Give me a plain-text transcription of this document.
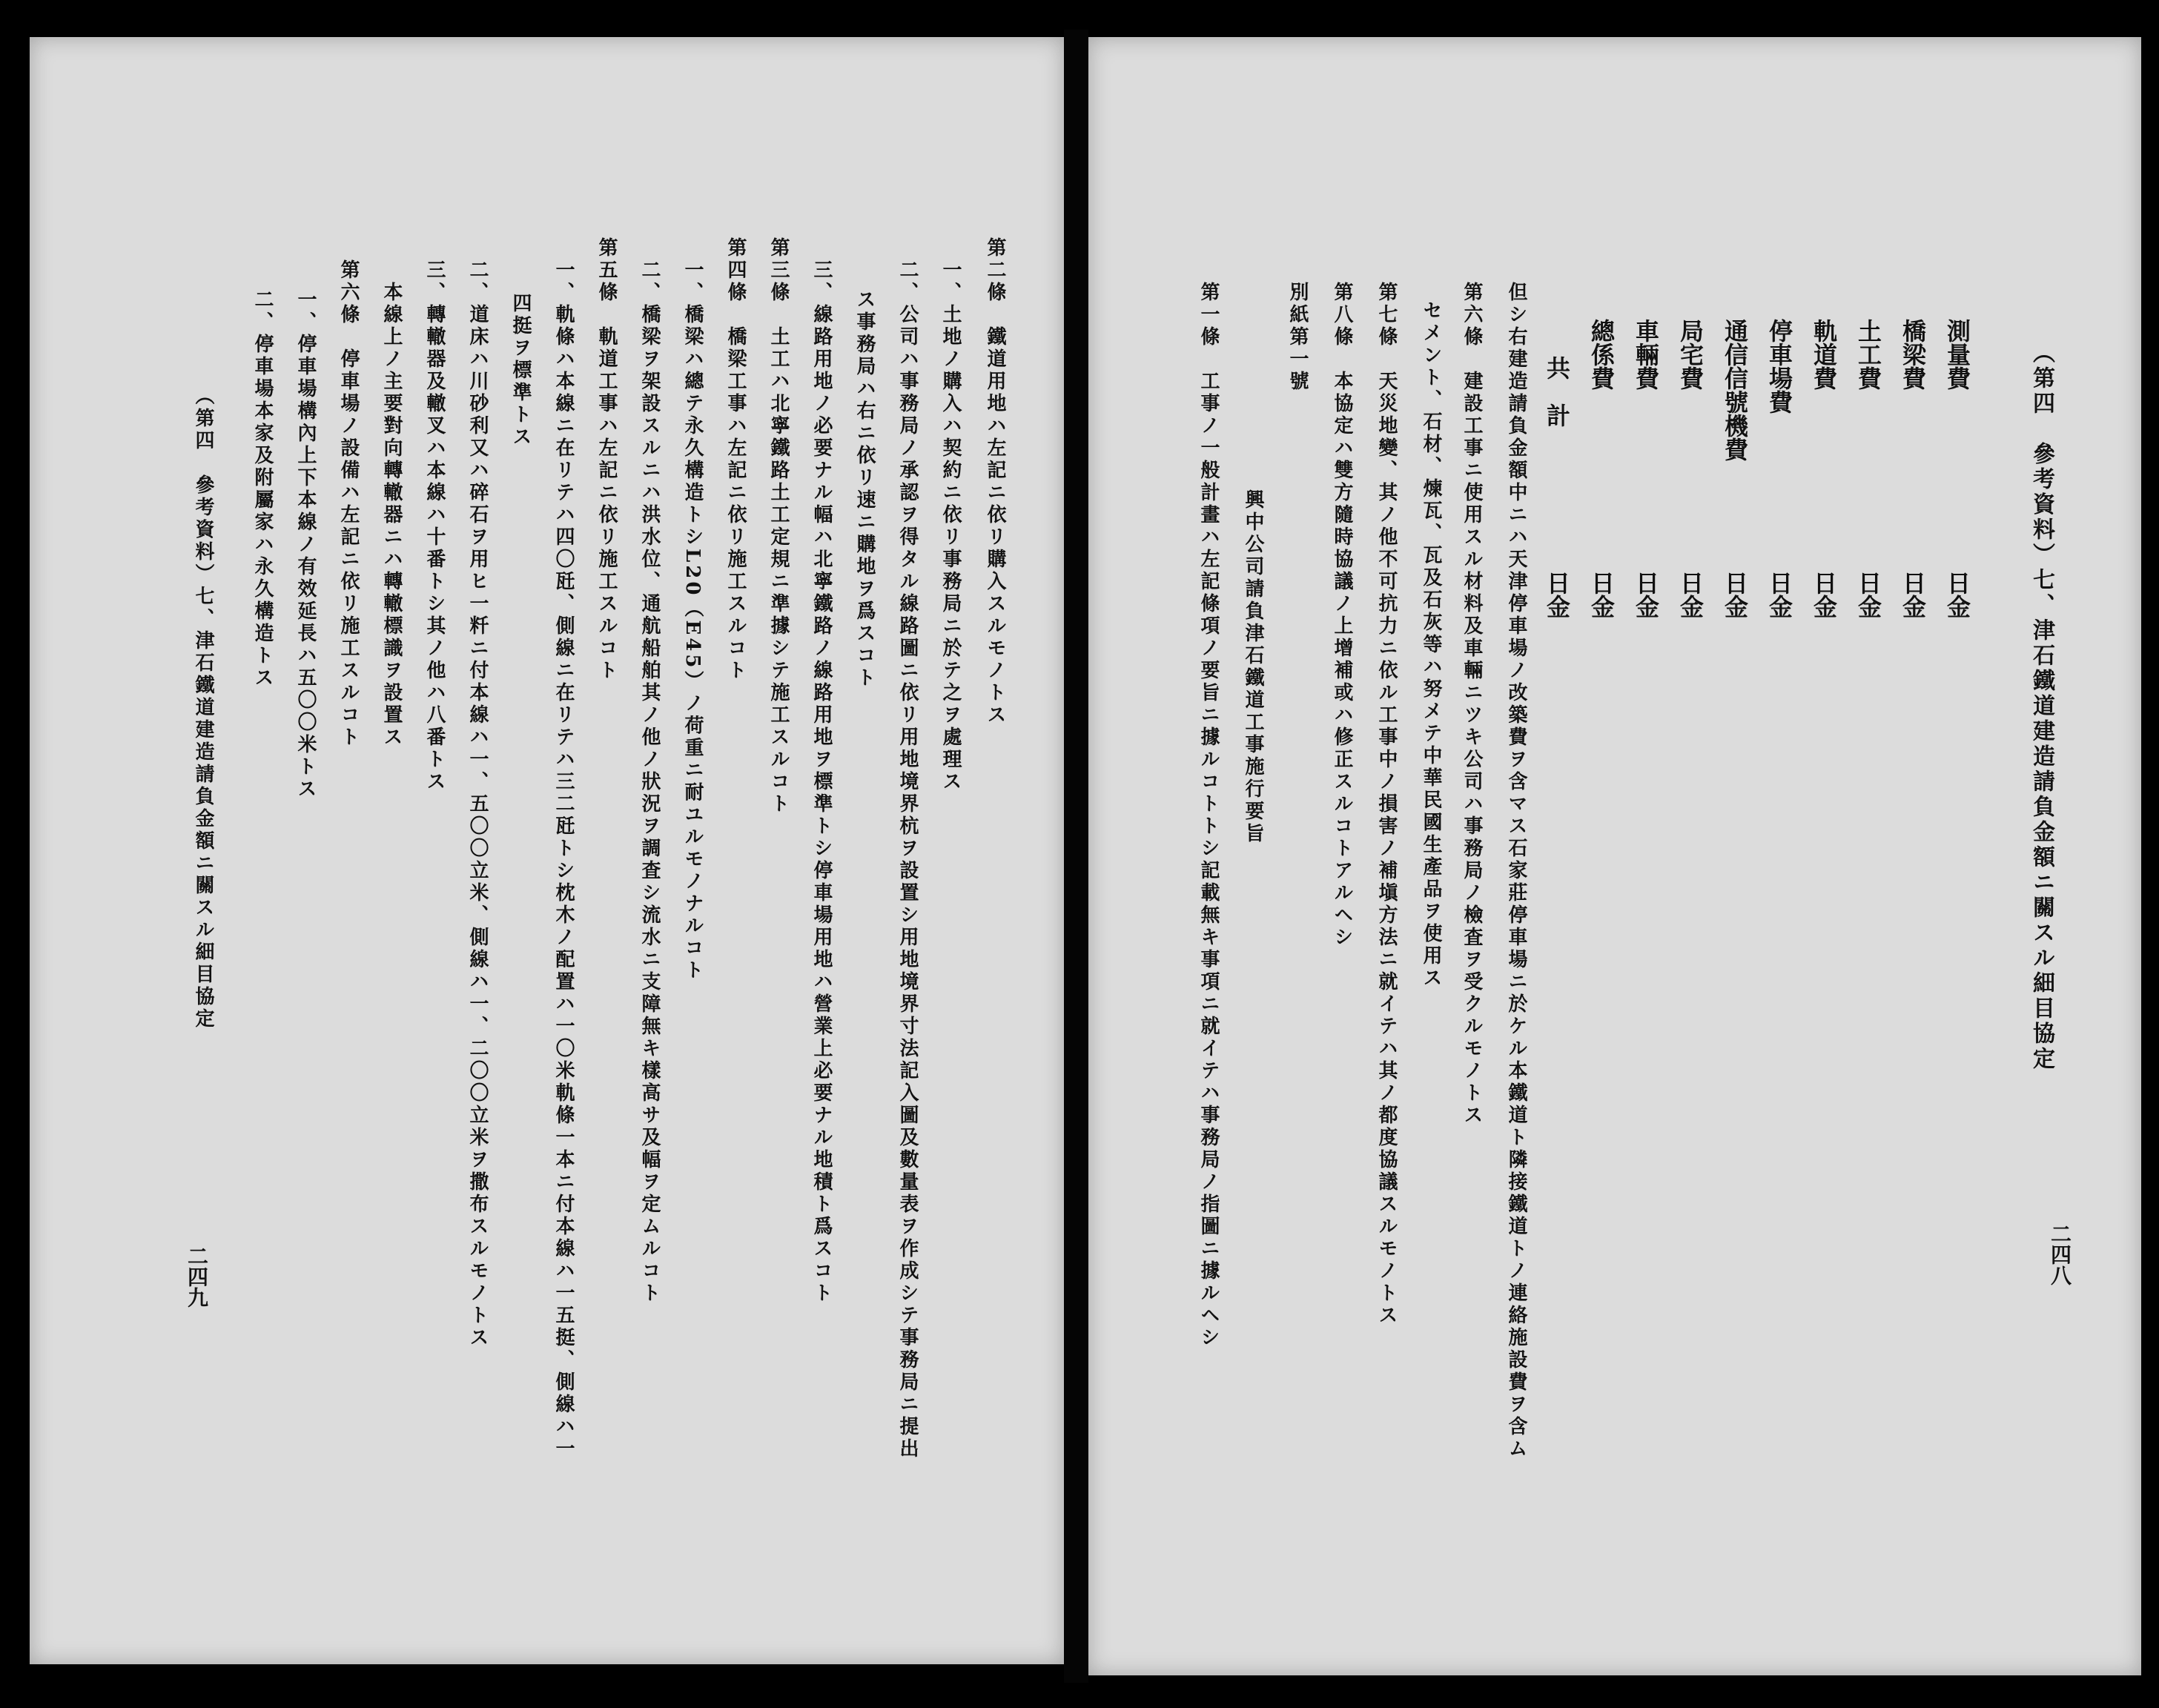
（第四　參考資料）七、津石鐵道建造請負金額ニ關スル細目協定
二四八
測量費
日金
橋梁費
日金
土工費
日金
軌道費
日金
停車場費
日金
通信信號機費
日金
局宅費
日金
車輛費
日金
總係費
日金
共　計
日金
但シ右建造請負金額中ニハ天津停車場ノ改築費ヲ含マス石家莊停車場ニ於ケル本鐵道ト隣接鐵道トノ連絡施設費ヲ含ム
第六條　建設工事ニ使用スル材料及車輛ニツキ公司ハ事務局ノ檢査ヲ受クルモノトス
セメント、石材、煉瓦、瓦及石灰等ハ努メテ中華民國生產品ヲ使用ス
第七條　天災地變、其ノ他不可抗力ニ依ル工事中ノ損害ノ補塡方法ニ就イテハ其ノ都度協議スルモノトス
第八條　本協定ハ雙方隨時協議ノ上增補或ハ修正スルコトアルヘシ
別紙第一號
興中公司請負津石鐵道工事施行要旨
第一條　工事ノ一般計畫ハ左記條項ノ要旨ニ據ルコトトシ記載無キ事項ニ就イテハ事務局ノ指圖ニ據ルヘシ
第二條　鐵道用地ハ左記ニ依リ購入スルモノトス
一、土地ノ購入ハ契約ニ依リ事務局ニ於テ之ヲ處理ス
二、公司ハ事務局ノ承認ヲ得タル線路圖ニ依リ用地境界杭ヲ設置シ用地境界寸法記入圖及數量表ヲ作成シテ事務局ニ提出
ス事務局ハ右ニ依リ速ニ購地ヲ爲スコト
三、線路用地ノ必要ナル幅ハ北寧鐵路ノ線路用地ヲ標準トシ停車場用地ハ營業上必要ナル地積ト爲スコト
第三條　土工ハ北寧鐵路土工定規ニ準據シテ施工スルコト
第四條　橋梁工事ハ左記ニ依リ施工スルコト
一、橋梁ハ總テ永久構造トシL20（E45）ノ荷重ニ耐ユルモノナルコト
二、橋梁ヲ架設スルニハ洪水位、通航船舶其ノ他ノ狀況ヲ調査シ流水ニ支障無キ樣高サ及幅ヲ定ムルコト
第五條　軌道工事ハ左記ニ依リ施工スルコト
一、軌條ハ本線ニ在リテハ四〇瓩、側線ニ在リテハ三二瓩トシ枕木ノ配置ハ一〇米軌條一本ニ付本線ハ一五挺、側線ハ一
四挺ヲ標準トス
二、道床ハ川砂利又ハ碎石ヲ用ヒ一粁ニ付本線ハ一、五〇〇立米、側線ハ一、二〇〇立米ヲ撒布スルモノトス
三、轉轍器及轍叉ハ本線ハ十番トシ其ノ他ハ八番トス
本線上ノ主要對向轉轍器ニハ轉轍標識ヲ設置ス
第六條　停車場ノ設備ハ左記ニ依リ施工スルコト
一、停車場構內上下本線ノ有效延長ハ五〇〇米トス
二、停車場本家及附屬家ハ永久構造トス
（第四　參考資料）七、津石鐵道建造請負金額ニ關スル細目協定
二四九
